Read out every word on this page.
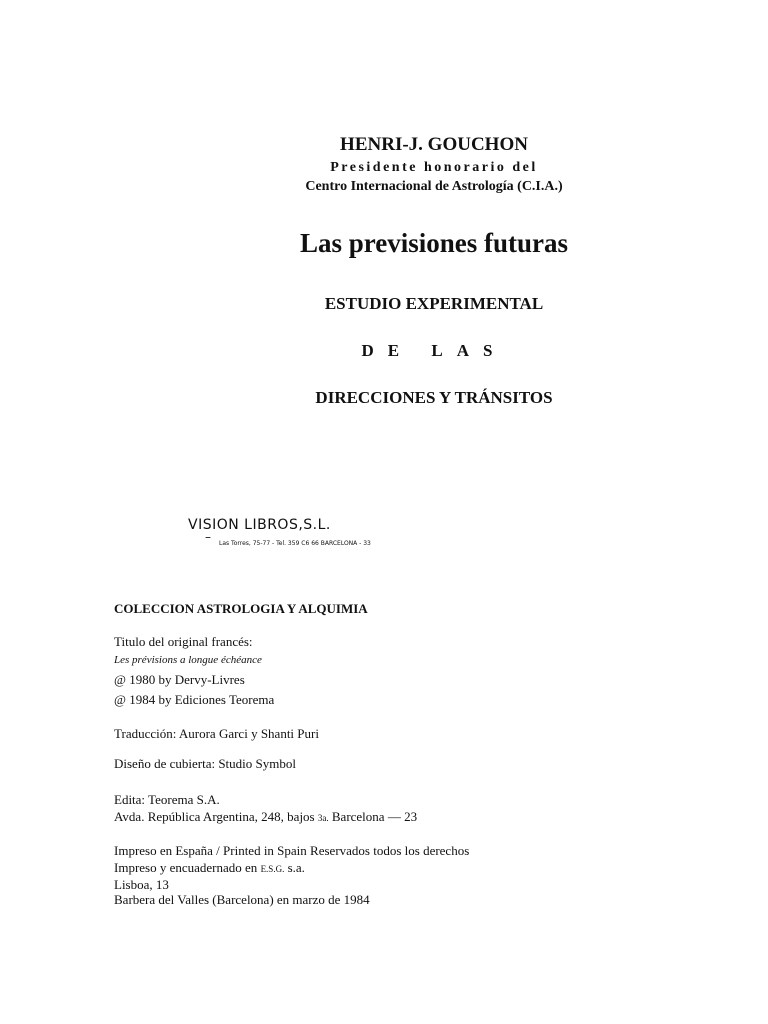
HENRI-J. GOUCHON
Presidente honorario del
Centro Internacional de Astrología (C.I.A.)
Las previsiones futuras
ESTUDIO EXPERIMENTAL
DE LAS
DIRECCIONES Y TRÁNSITOS
VISION LIBROS,S.L.
– Las Torres, 75-77 - Tel. 359 C6 66 BARCELONA - 33
COLECCION ASTROLOGIA Y ALQUIMIA
Titulo del original francés:
Les prévisions a longue échéance
@ 1980 by Dervy-Livres
@ 1984 by Ediciones Teorema
Traducción: Aurora Garci y Shanti Puri
Diseño de cubierta: Studio Symbol
Edita: Teorema S.A.
Avda. República Argentina, 248, bajos 3a. Barcelona — 23
Impreso en España / Printed in Spain Reservados todos los derechos
Impreso y encuadernado en E.S.G. s.a.
Lisboa, 13
Barbera del Valles (Barcelona) en marzo de 1984
